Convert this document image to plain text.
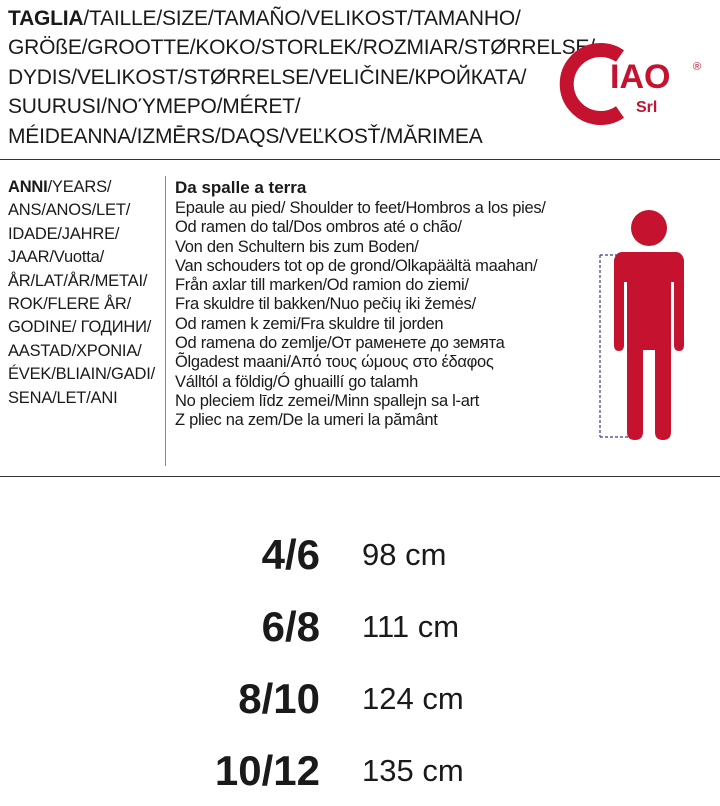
TAGLIA/TAILLE/SIZE/TAMAÑO/VELIKOST/TAMANHO/
GRÖßE/GROOTTE/KOKO/STORLEK/ROZMIAR/STØRRELSE/
DYDIS/VELIKOST/STØRRELSE/VELIČINE/КРОЙКАТА/
SUURUSI/ΝΟΎΜΕΡΟ/MÉRET/
MÉIDEANNA/IZMĒRS/DAQS/VEĽKOSŤ/MĂRIMEA
IAO ®
Srl
ANNI/YEARS/
ANS/ANOS/LET/
IDADE/JAHRE/
JAAR/Vuotta/
ÅR/LAT/ÅR/METAI/
ROK/FLERE ÅR/
GODINE/ ГОДИНИ/
AASTAD/ΧΡΟΝΙΑ/
ÉVEK/BLIAIN/GADI/
SENA/LET/ANI
Da spalle a terra
Epaule au pied/ Shoulder to feet/Hombros a los pies/
Od ramen do tal/Dos ombros até o chão/
Von den Schultern bis zum Boden/
Van schouders tot op de grond/Olkapäältä maahan/
Från axlar till marken/Od ramion do ziemi/
Fra skuldre til bakken/Nuo pečių iki žemės/
Od ramen k zemi/Fra skuldre til jorden
Od ramena do zemlje/От раменете до земята
Õlgadest maani/Από τους ώμους στο έδαφος
Válltól a földig/Ó ghuaillí go talamh
No pleciem līdz zemei/Minn spallejn sa l-art
Z pliec na zem/De la umeri la pământ
4/6 98 cm
6/8 111 cm
8/10 124 cm
10/12 135 cm
